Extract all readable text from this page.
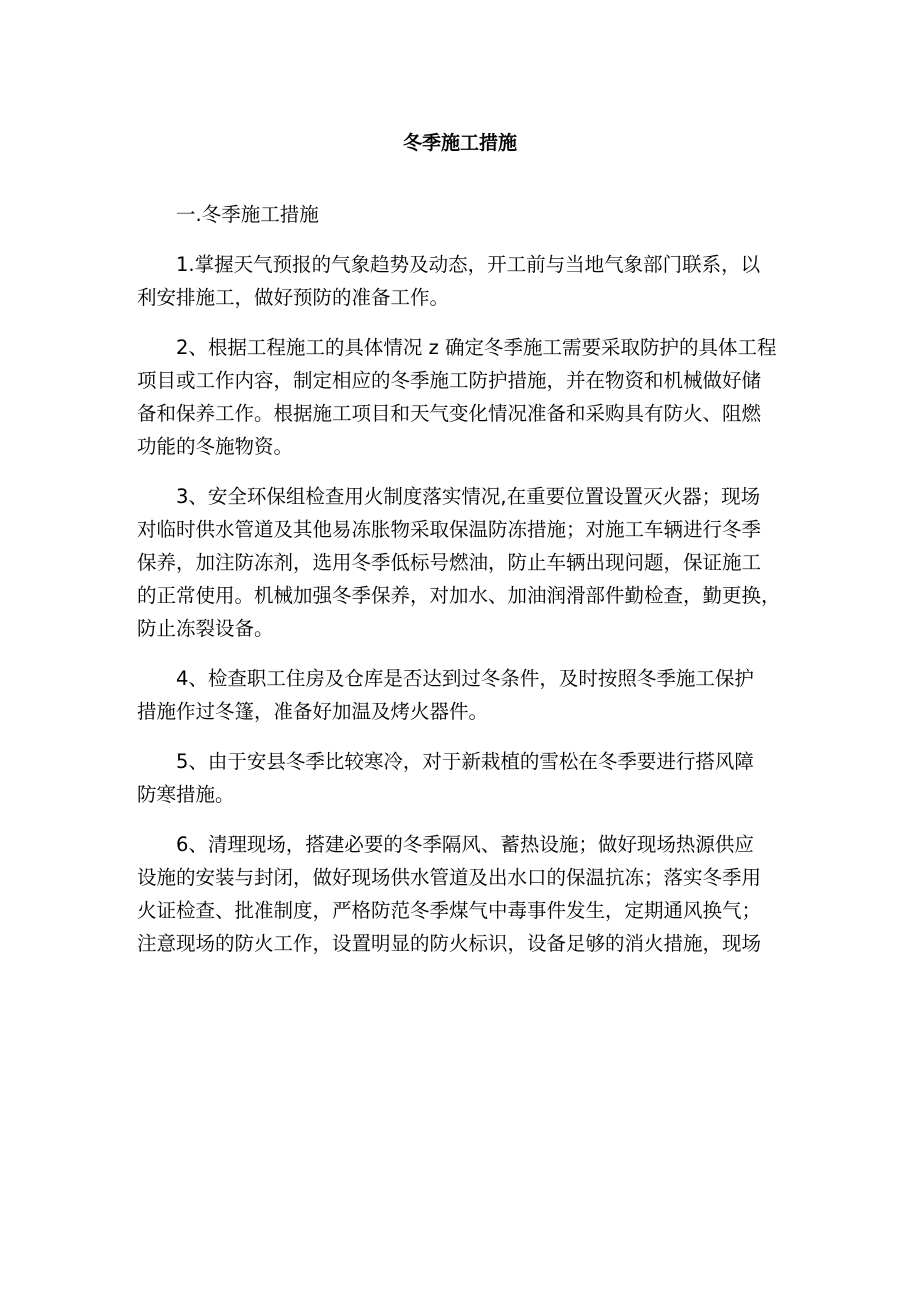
冬季施工措施
一.冬季施工措施

1.掌握天气预报的气象趋势及动态，开工前与当地气象部门联系，以
利安排施工，做好预防的准备工作。

2、根据工程施工的具体情况 z 确定冬季施工需要采取防护的具体工程
项目或工作内容，制定相应的冬季施工防护措施，并在物资和机械做好储
备和保养工作。根据施工项目和天气变化情况准备和采购具有防火、阻燃
功能的冬施物资。

3、安全环保组检查用火制度落实情况,在重要位置设置灭火器；现场
对临时供水管道及其他易冻胀物采取保温防冻措施；对施工车辆进行冬季
保养，加注防冻剂，选用冬季低标号燃油，防止车辆出现问题，保证施工
的正常使用。机械加强冬季保养，对加水、加油润滑部件勤检查，勤更换，
防止冻裂设备。

4、检查职工住房及仓库是否达到过冬条件，及时按照冬季施工保护
措施作过冬篷，准备好加温及烤火器件。

5、由于安县冬季比较寒冷，对于新栽植的雪松在冬季要进行搭风障
防寒措施。

6、清理现场，搭建必要的冬季隔风、蓄热设施；做好现场热源供应
设施的安装与封闭，做好现场供水管道及出水口的保温抗冻；落实冬季用
火证检查、批准制度，严格防范冬季煤气中毒事件发生，定期通风换气；
注意现场的防火工作，设置明显的防火标识，设备足够的消火措施，现场
